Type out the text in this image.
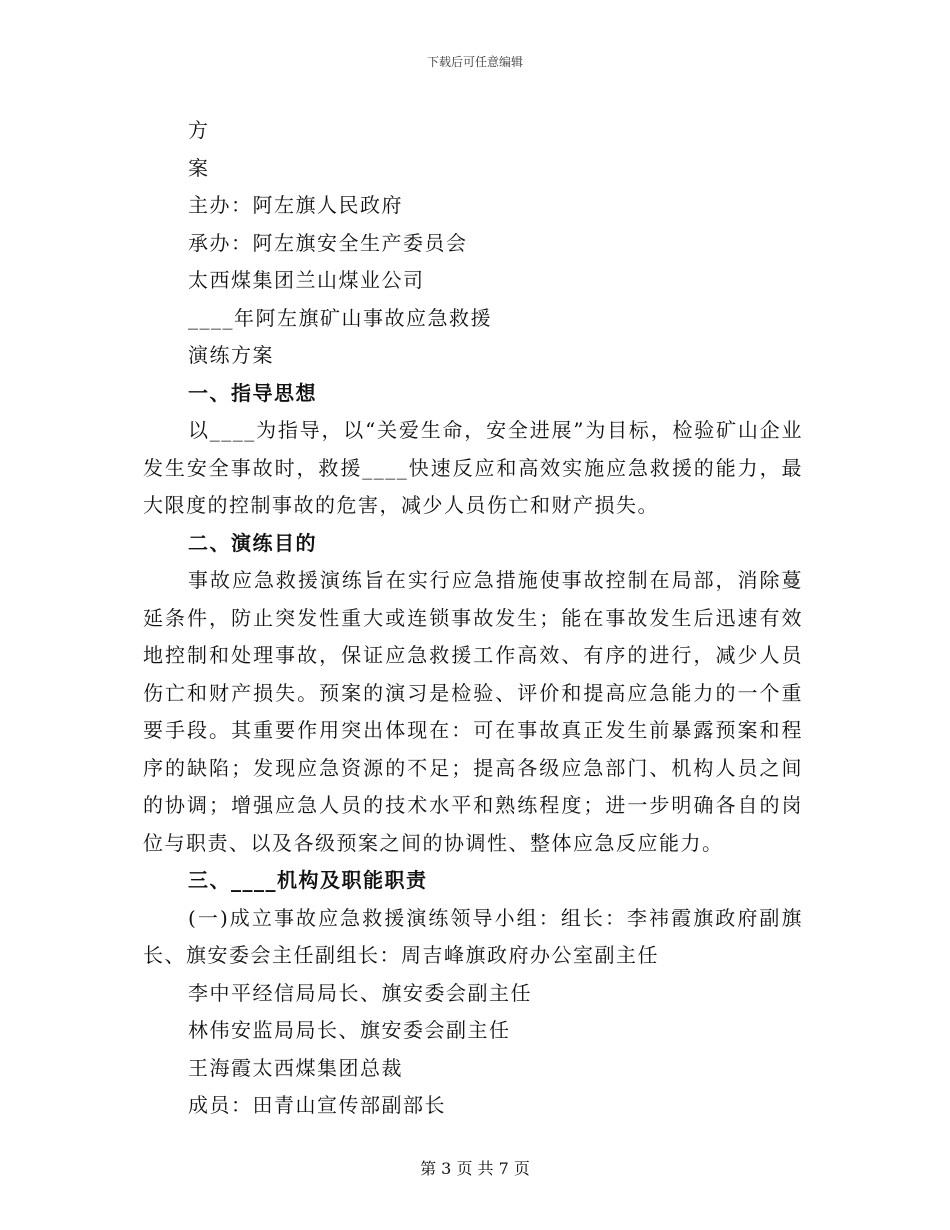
下载后可任意编辑

方

案

主办：阿左旗人民政府

承办：阿左旗安全生产委员会

太西煤集团兰山煤业公司

____年阿左旗矿山事故应急救援

演练方案

一、指导思想

以____为指导，以“关爱生命，安全进展”为目标，检验矿山企业发生安全事故时，救援____快速反应和高效实施应急救援的能力，最大限度的控制事故的危害，减少人员伤亡和财产损失。

二、演练目的

事故应急救援演练旨在实行应急措施使事故控制在局部，消除蔓延条件，防止突发性重大或连锁事故发生；能在事故发生后迅速有效地控制和处理事故，保证应急救援工作高效、有序的进行，减少人员伤亡和财产损失。预案的演习是检验、评价和提高应急能力的一个重要手段。其重要作用突出体现在：可在事故真正发生前暴露预案和程序的缺陷；发现应急资源的不足；提高各级应急部门、机构人员之间的协调；增强应急人员的技术水平和熟练程度；进一步明确各自的岗位与职责、以及各级预案之间的协调性、整体应急反应能力。

三、____机构及职能职责

(一)成立事故应急救援演练领导小组：组长：李祎霞旗政府副旗长、旗安委会主任副组长：周吉峰旗政府办公室副主任

李中平经信局局长、旗安委会副主任

林伟安监局局长、旗安委会副主任

王海霞太西煤集团总裁

成员：田青山宣传部副部长

第 3 页 共 7 页
